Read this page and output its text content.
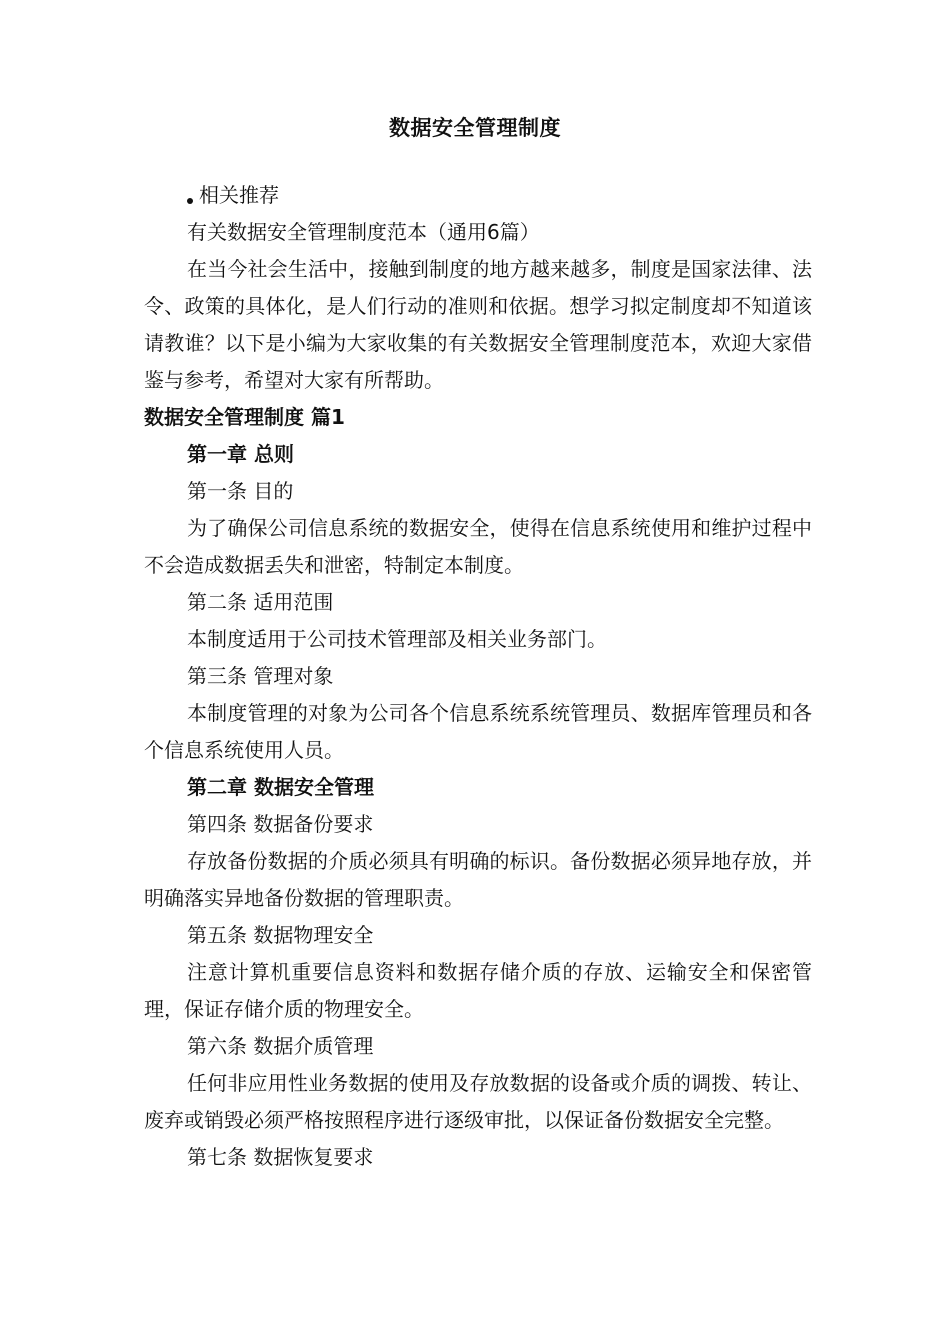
数据安全管理制度

相关推荐

有关数据安全管理制度范本（通用6篇）

在当今社会生活中，接触到制度的地方越来越多，制度是国家法律、法令、政策的具体化，是人们行动的准则和依据。想学习拟定制度却不知道该请教谁？以下是小编为大家收集的有关数据安全管理制度范本，欢迎大家借鉴与参考，希望对大家有所帮助。

数据安全管理制度 篇1

第一章 总则

第一条 目的

为了确保公司信息系统的数据安全，使得在信息系统使用和维护过程中不会造成数据丢失和泄密，特制定本制度。

第二条 适用范围

本制度适用于公司技术管理部及相关业务部门。

第三条 管理对象

本制度管理的对象为公司各个信息系统系统管理员、数据库管理员和各个信息系统使用人员。

第二章 数据安全管理

第四条 数据备份要求

存放备份数据的介质必须具有明确的标识。备份数据必须异地存放，并明确落实异地备份数据的管理职责。

第五条 数据物理安全

注意计算机重要信息资料和数据存储介质的存放、运输安全和保密管理，保证存储介质的物理安全。

第六条 数据介质管理

任何非应用性业务数据的使用及存放数据的设备或介质的调拨、转让、废弃或销毁必须严格按照程序进行逐级审批，以保证备份数据安全完整。

第七条 数据恢复要求
